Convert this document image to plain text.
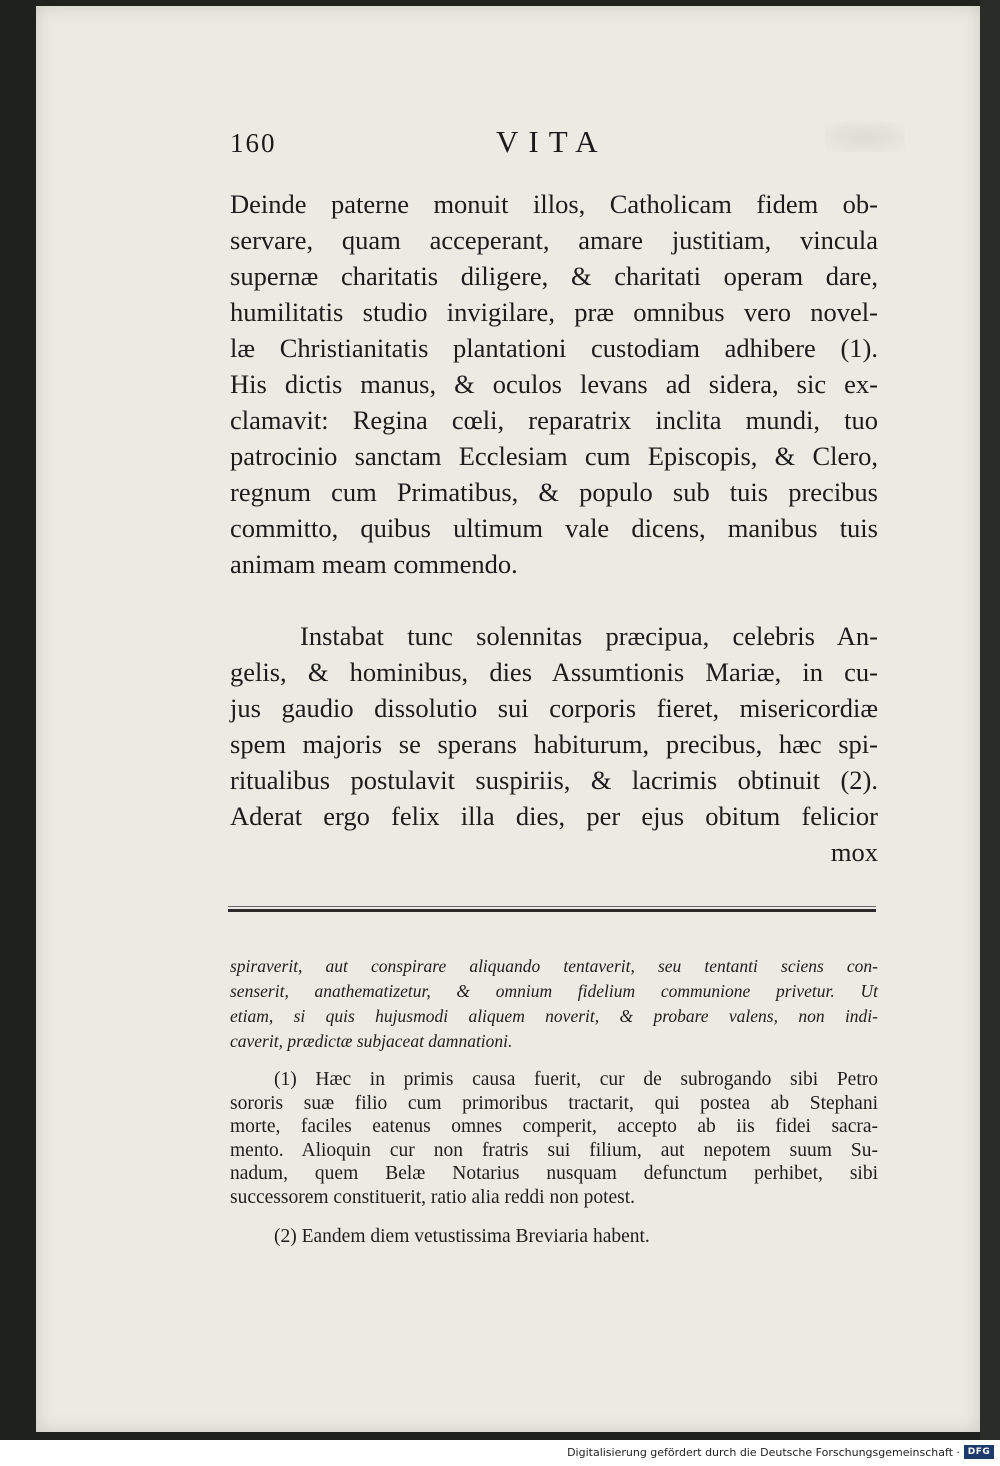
160	VITA
Deinde paterne monuit illos, Catholicam fidem ob-
servare, quam acceperant, amare justitiam, vincula
supernæ charitatis diligere, & charitati operam dare,
humilitatis studio invigilare, præ omnibus vero novel-
læ Christianitatis plantationi custodiam adhibere (1).
His dictis manus, & oculos levans ad sidera, sic ex-
clamavit: Regina cœli, reparatrix inclita mundi, tuo
patrocinio sanctam Ecclesiam cum Episcopis, & Clero,
regnum cum Primatibus, & populo sub tuis precibus
committo, quibus ultimum vale dicens, manibus tuis
animam meam commendo.
Instabat tunc solennitas præcipua, celebris An-
gelis, & hominibus, dies Assumtionis Mariæ, in cu-
jus gaudio dissolutio sui corporis fieret, misericordiæ
spem majoris se sperans habiturum, precibus, hæc spi-
ritualibus postulavit suspiriis, & lacrimis obtinuit (2).
Aderat ergo felix illa dies, per ejus obitum felicior
mox
spiraverit, aut conspirare aliquando tentaverit, seu tentanti sciens con-
senserit, anathematizetur, & omnium fidelium communione privetur. Ut
etiam, si quis hujusmodi aliquem noverit, & probare valens, non indi-
caverit, prædictæ subjaceat damnationi.
(1) Hæc in primis causa fuerit, cur de subrogando sibi Petro
sororis suæ filio cum primoribus tractarit, qui postea ab Stephani
morte, faciles eatenus omnes comperit, accepto ab iis fidei sacra-
mento. Alioquin cur non fratris sui filium, aut nepotem suum Su-
nadum, quem Belæ Notarius nusquam defunctum perhibet, sibi
successorem constituerit, ratio alia reddi non potest.
(2) Eandem diem vetustissima Breviaria habent.
Digitalisierung gefördert durch die Deutsche Forschungsgemeinschaft · DFG
